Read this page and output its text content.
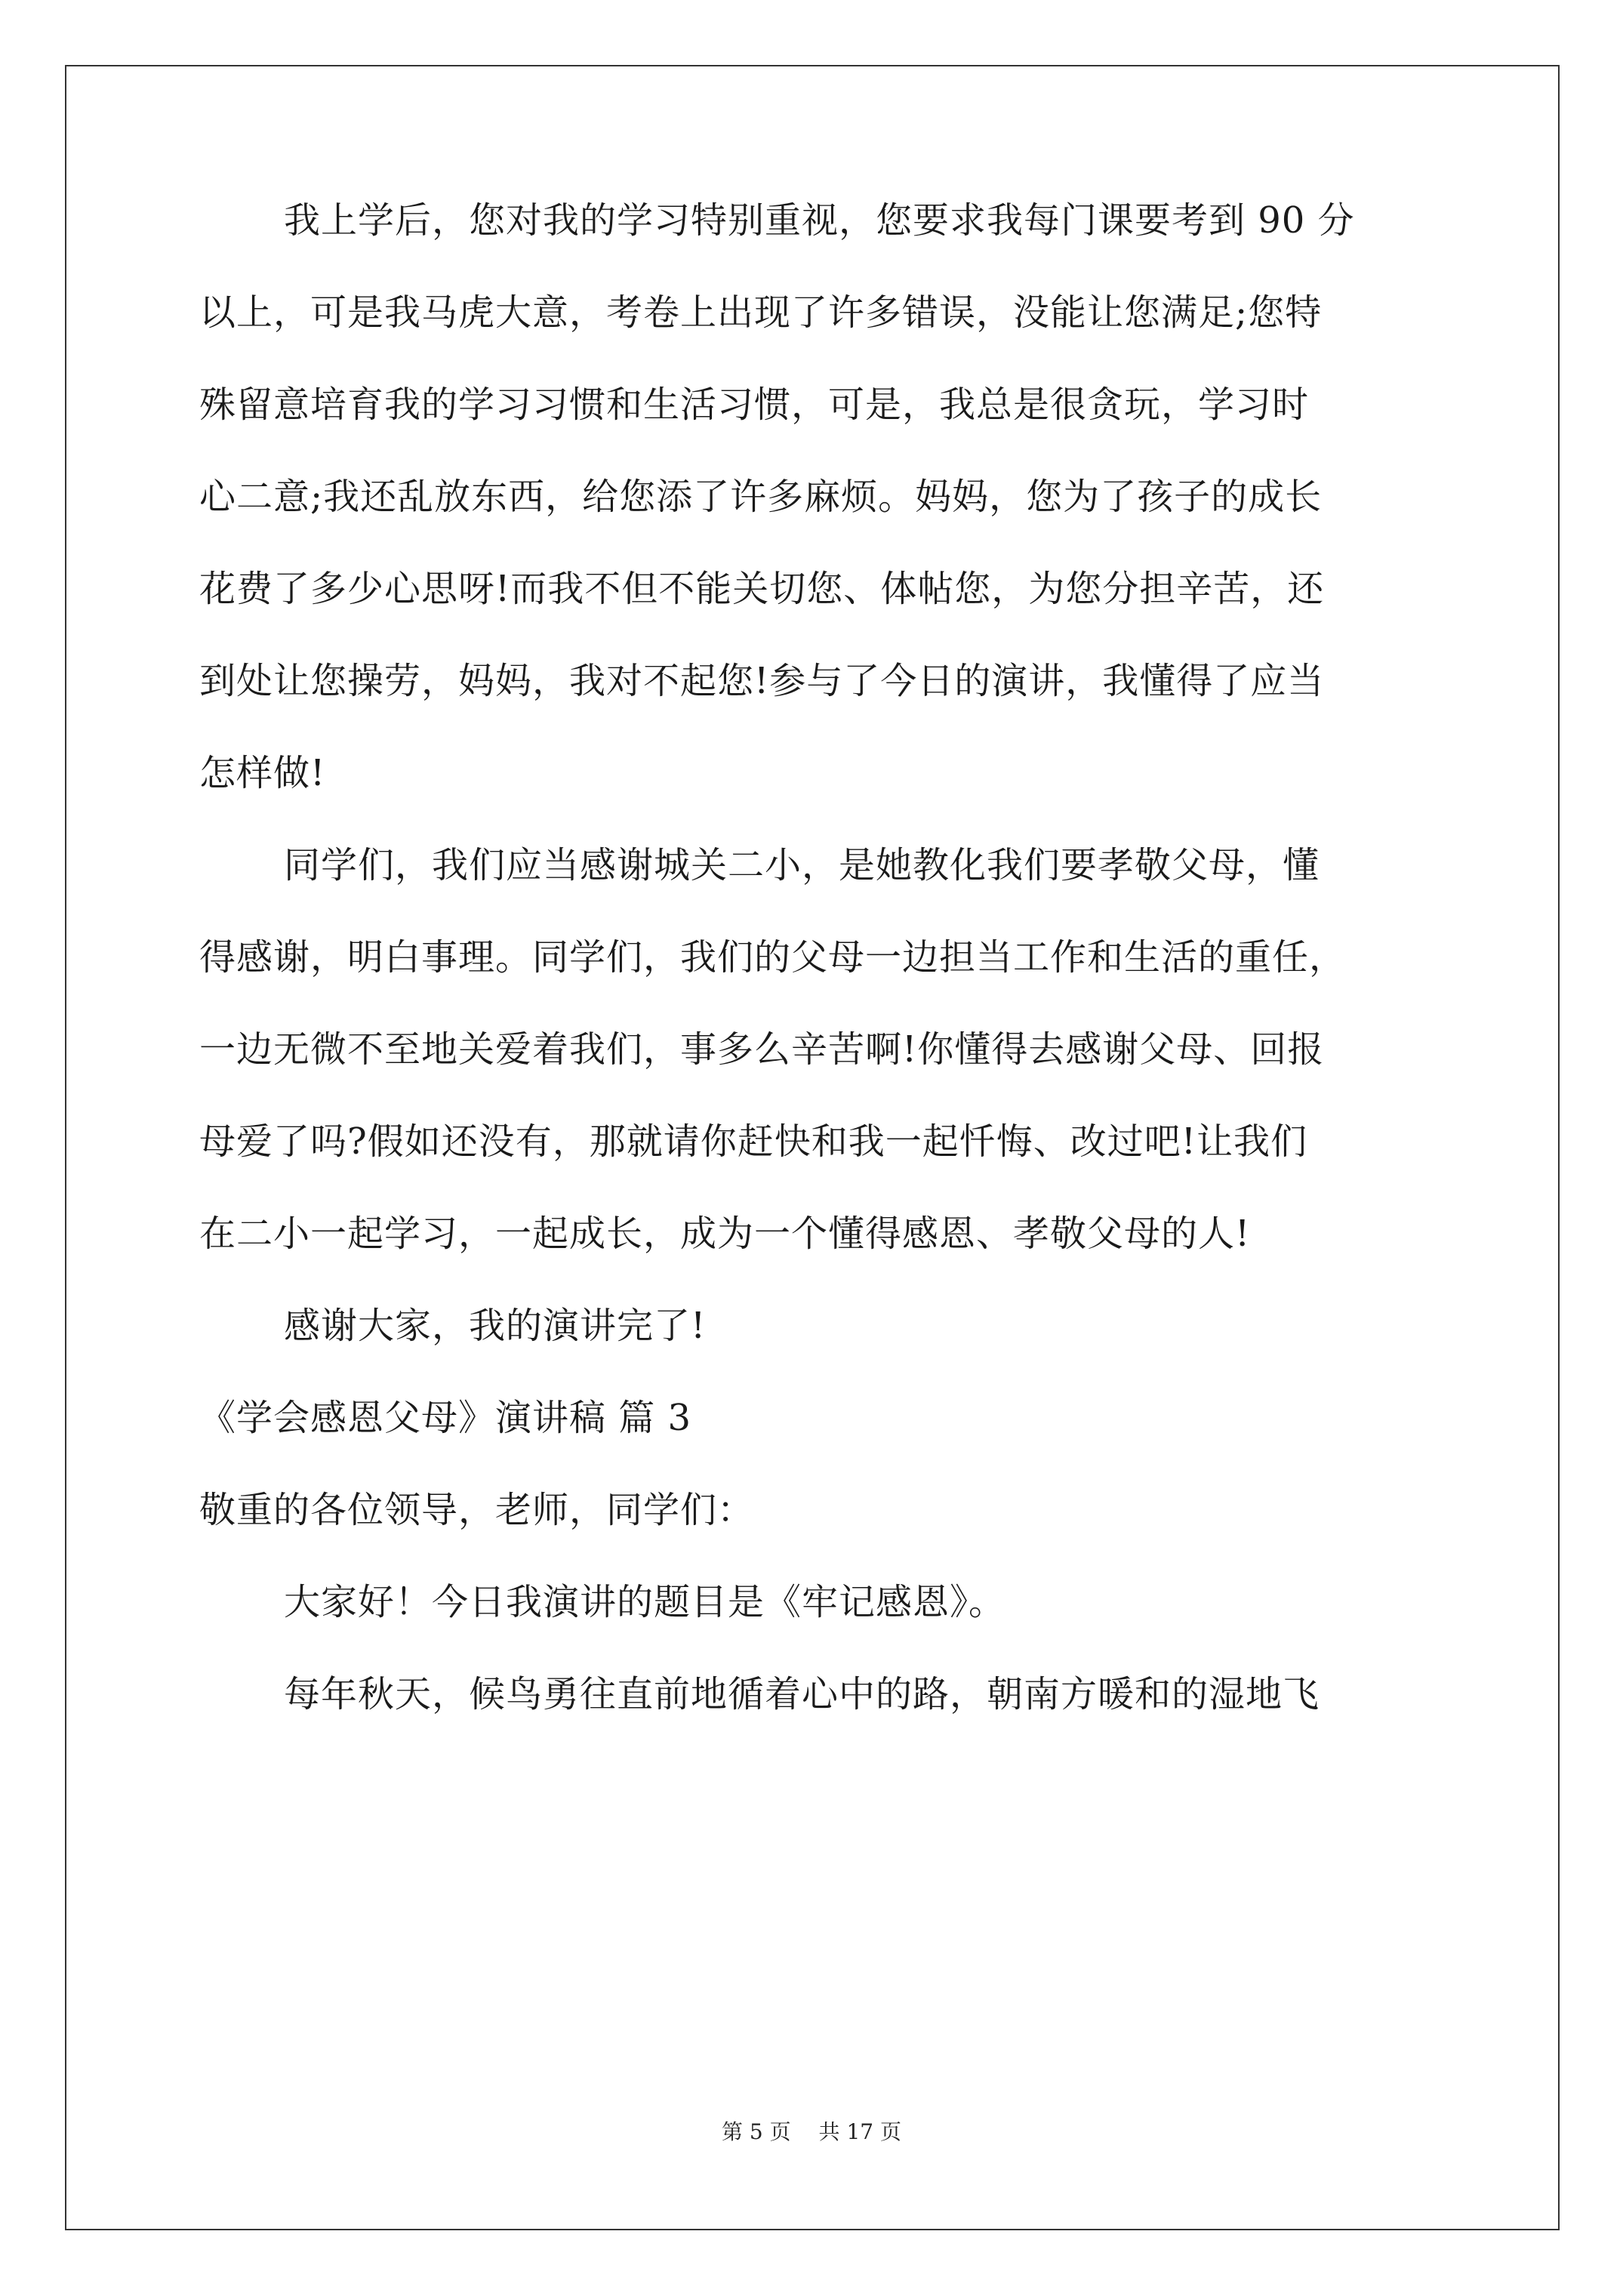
我上学后，您对我的学习特别重视，您要求我每门课要考到 90 分
以上，可是我马虎大意，考卷上出现了许多错误，没能让您满足;您特
殊留意培育我的学习习惯和生活习惯，可是，我总是很贪玩，学习时
心二意;我还乱放东西，给您添了许多麻烦。妈妈，您为了孩子的成长
花费了多少心思呀!而我不但不能关切您、体帖您，为您分担辛苦，还
到处让您操劳，妈妈，我对不起您!参与了今日的演讲，我懂得了应当
怎样做!
同学们，我们应当感谢城关二小，是她教化我们要孝敬父母，懂
得感谢，明白事理。同学们，我们的父母一边担当工作和生活的重任，
一边无微不至地关爱着我们，事多么辛苦啊!你懂得去感谢父母、回报
母爱了吗?假如还没有，那就请你赶快和我一起忏悔、改过吧!让我们
在二小一起学习，一起成长，成为一个懂得感恩、孝敬父母的人!
感谢大家，我的演讲完了!
《学会感恩父母》演讲稿 篇 3
敬重的各位领导，老师，同学们：
大家好！今日我演讲的题目是《牢记感恩》。
每年秋天，候鸟勇往直前地循着心中的路，朝南方暖和的湿地飞
第 5 页 共 17 页
